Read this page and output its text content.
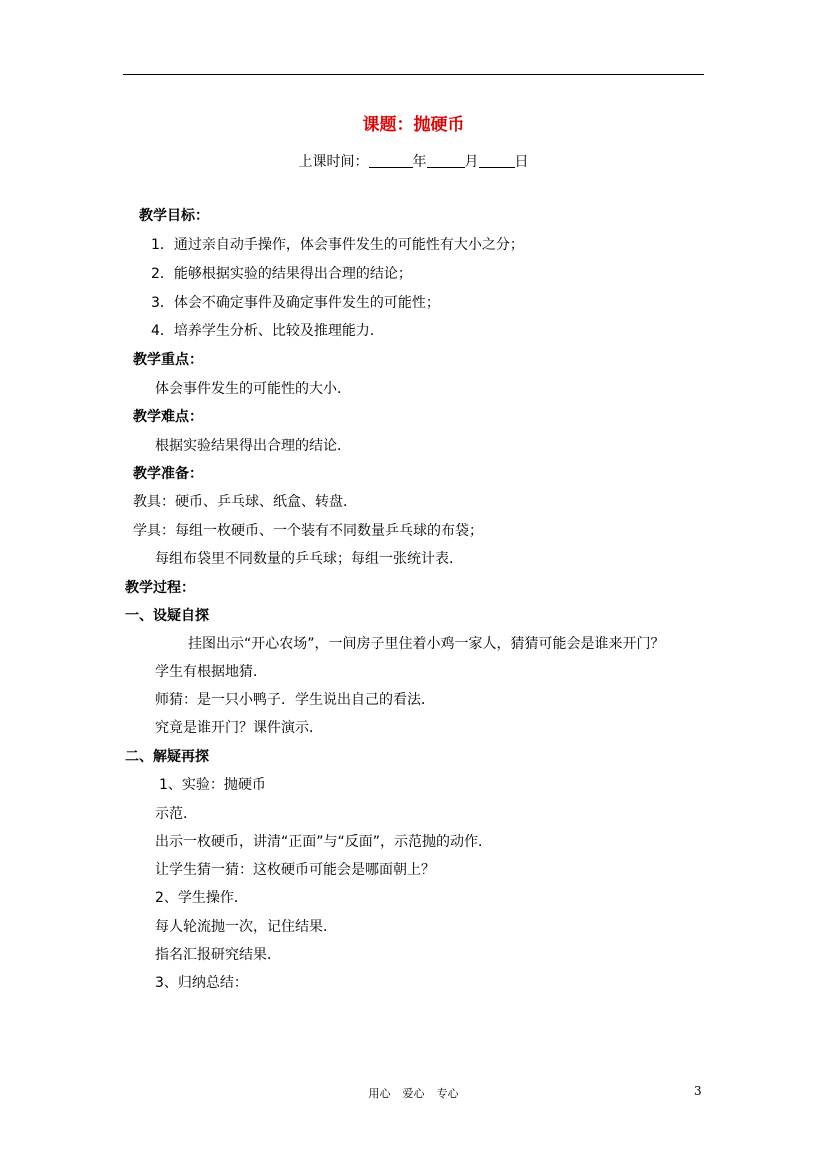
课题：抛硬币
上课时间：	年	月	日
教学目标：
1．通过亲自动手操作，体会事件发生的可能性有大小之分；
2．能够根据实验的结果得出合理的结论；
3．体会不确定事件及确定事件发生的可能性；
4．培养学生分析、比较及推理能力．
教学重点：
体会事件发生的可能性的大小．
教学难点：
根据实验结果得出合理的结论．
教学准备：
教具：硬币、乒乓球、纸盒、转盘．
学具：每组一枚硬币、一个装有不同数量乒乓球的布袋；
每组布袋里不同数量的乒乓球；每组一张统计表．
教学过程：
一、设疑自探
挂图出示“开心农场”，一间房子里住着小鸡一家人，猜猜可能会是谁来开门？
学生有根据地猜．
师猜：是一只小鸭子．学生说出自己的看法．
究竟是谁开门？课件演示．
二、解疑再探
1、实验：抛硬币
示范．
出示一枚硬币，讲清“正面”与“反面”，示范抛的动作．
让学生猜一猜：这枚硬币可能会是哪面朝上？
2、学生操作．
每人轮流抛一次，记住结果．
指名汇报研究结果．
3、归纳总结：
用心 爱心 专心	3
